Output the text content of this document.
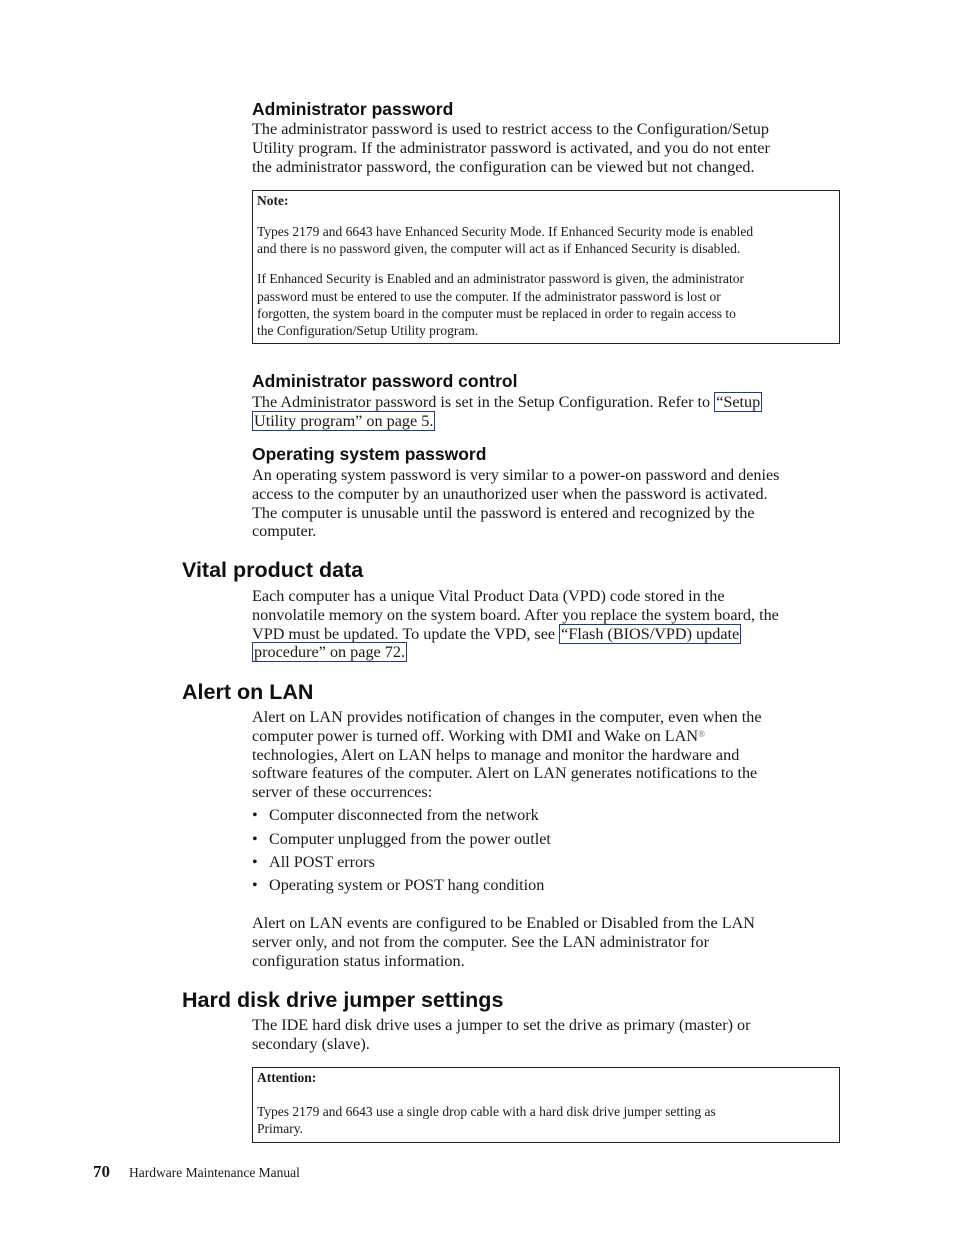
Administrator password
The administrator password is used to restrict access to the Configuration/Setup
Utility program. If the administrator password is activated, and you do not enter
the administrator password, the configuration can be viewed but not changed.
Note:
Types 2179 and 6643 have Enhanced Security Mode. If Enhanced Security mode is enabled
and there is no password given, the computer will act as if Enhanced Security is disabled.
If Enhanced Security is Enabled and an administrator password is given, the administrator
password must be entered to use the computer. If the administrator password is lost or
forgotten, the system board in the computer must be replaced in order to regain access to
the Configuration/Setup Utility program.
Administrator password control
The Administrator password is set in the Setup Configuration. Refer to “Setup
Utility program” on page 5.
Operating system password
An operating system password is very similar to a power-on password and denies
access to the computer by an unauthorized user when the password is activated.
The computer is unusable until the password is entered and recognized by the
computer.
Vital product data
Each computer has a unique Vital Product Data (VPD) code stored in the
nonvolatile memory on the system board. After you replace the system board, the
VPD must be updated. To update the VPD, see “Flash (BIOS/VPD) update
procedure” on page 72.
Alert on LAN
Alert on LAN provides notification of changes in the computer, even when the
computer power is turned off. Working with DMI and Wake on LAN®
technologies, Alert on LAN helps to manage and monitor the hardware and
software features of the computer. Alert on LAN generates notifications to the
server of these occurrences:
• Computer disconnected from the network
• Computer unplugged from the power outlet
• All POST errors
• Operating system or POST hang condition
Alert on LAN events are configured to be Enabled or Disabled from the LAN
server only, and not from the computer. See the LAN administrator for
configuration status information.
Hard disk drive jumper settings
The IDE hard disk drive uses a jumper to set the drive as primary (master) or
secondary (slave).
Attention:
Types 2179 and 6643 use a single drop cable with a hard disk drive jumper setting as
Primary.
70 Hardware Maintenance Manual
